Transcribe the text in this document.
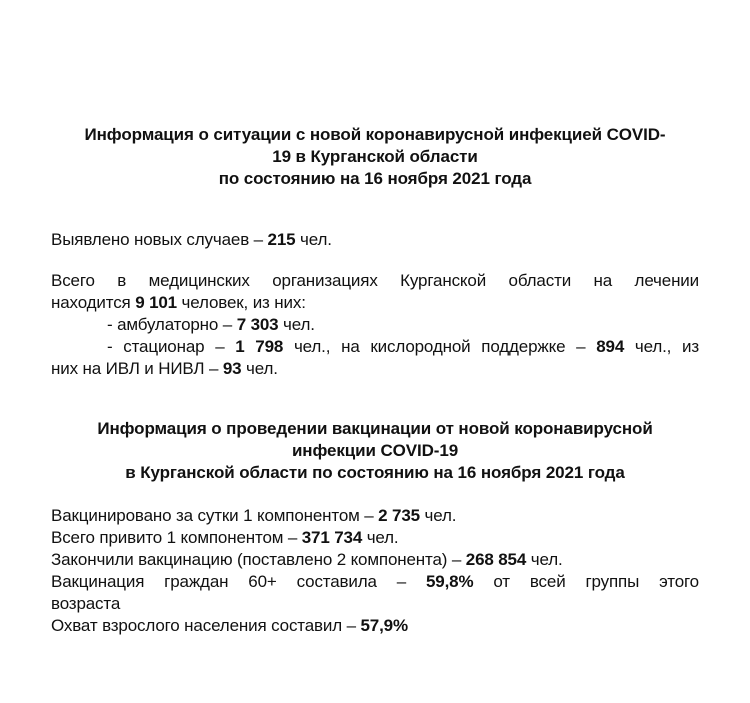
Информация о ситуации с новой коронавирусной инфекцией COVID-
19 в Курганской области
по состоянию на 16 ноября 2021 года

Выявлено новых случаев – 215 чел.

Всего в медицинских организациях Курганской области на лечении
находится 9 101 человек, из них:
- амбулаторно – 7 303 чел.
- стационар – 1 798 чел., на кислородной поддержке – 894 чел., из
них на ИВЛ и НИВЛ – 93 чел.
Информация о проведении вакцинации от новой коронавирусной
инфекции COVID-19
в Курганской области по состоянию на 16 ноября 2021 года

Вакцинировано за сутки 1 компонентом – 2 735 чел.

Всего привито 1 компонентом – 371 734 чел.

Закончили вакцинацию (поставлено 2 компонента) – 268 854 чел.

Вакцинация граждан 60+ составила – 59,8% от всей группы этого

возраста

Охват взрослого населения составил – 57,9%
